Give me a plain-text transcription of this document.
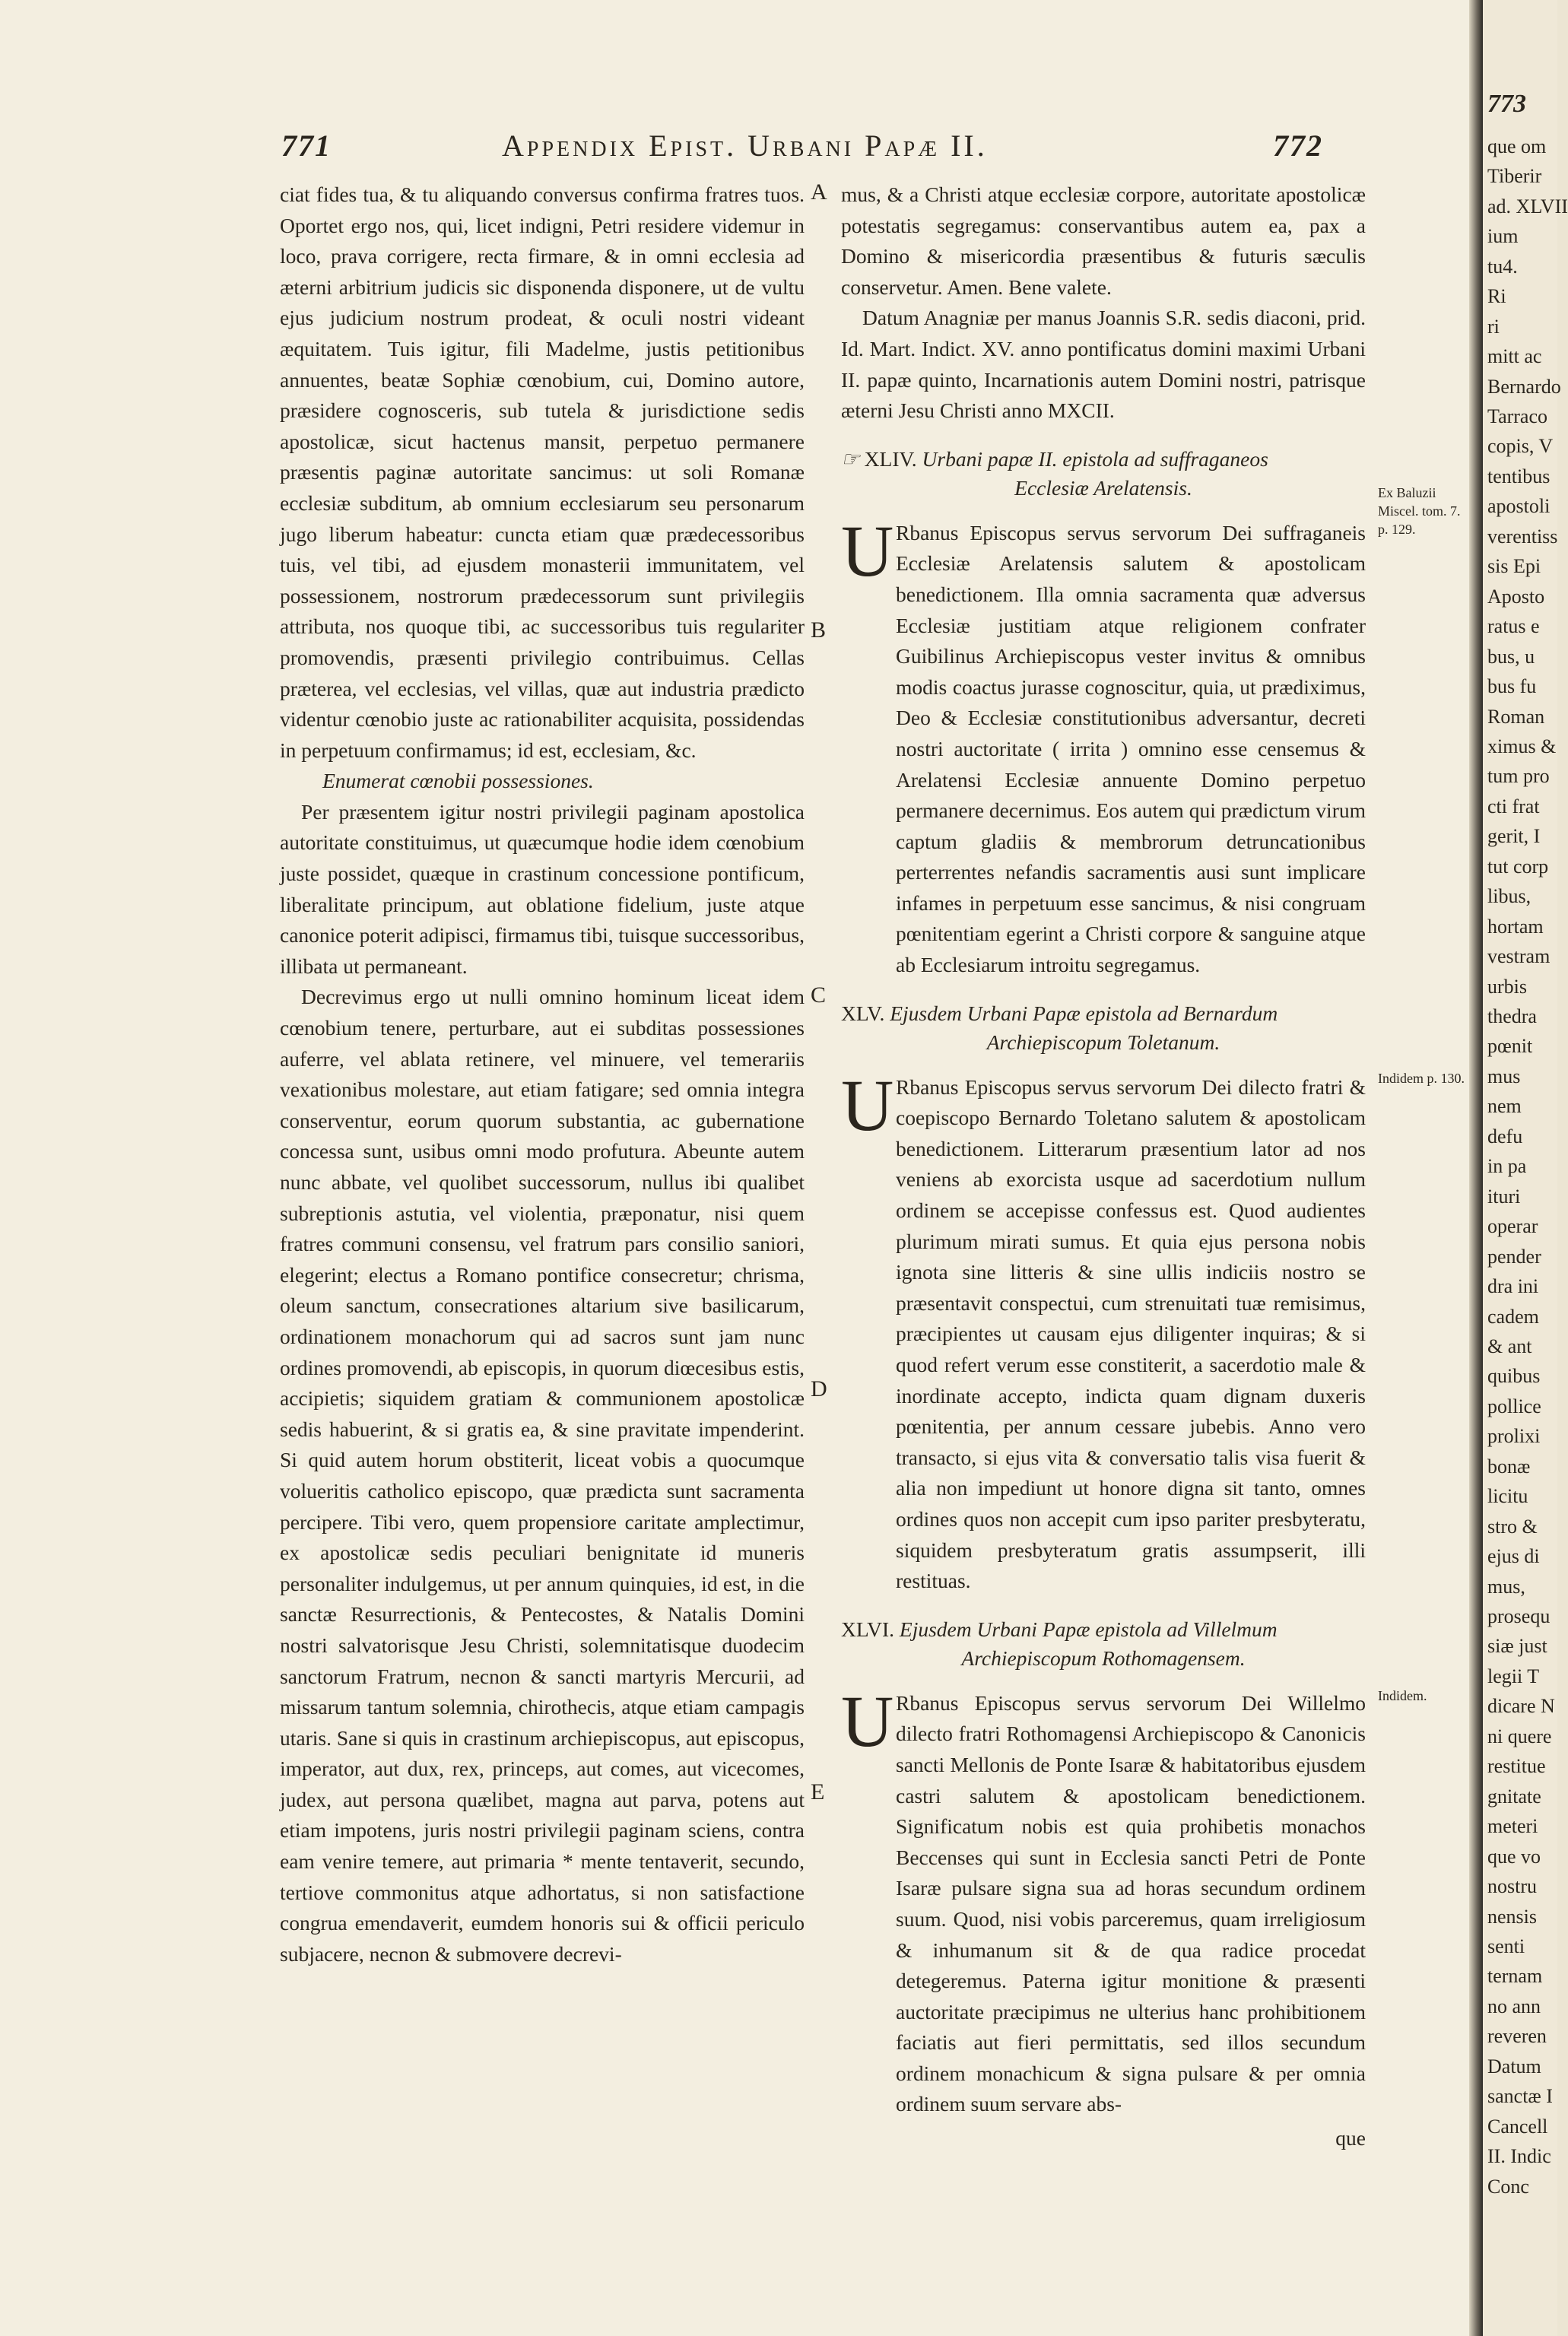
771	Appendix Epist. Urbani Papæ II.	772

ciat fides tua, & tu aliquando conversus confirma fratres tuos. Oportet ergo nos, qui, licet indigni, Petri residere videmur in loco, prava corrigere, recta firmare, & in omni ecclesia ad æterni arbitrium judicis sic disponenda disponere, ut de vultu ejus judicium nostrum prodeat, & oculi nostri videant æquitatem. Tuis igitur, fili Madelme, justis petitionibus annuentes, beatæ Sophiæ cœnobium, cui, Domino autore, præsidere cognosceris, sub tutela & jurisdictione sedis apostolicæ, sicut hactenus mansit, perpetuo permanere præsentis paginæ autoritate sancimus: ut soli Romanæ ecclesiæ subditum, ab omnium ecclesiarum seu personarum jugo liberum habeatur: cuncta etiam quæ prædecessoribus tuis, vel tibi, ad ejusdem monasterii immunitatem, vel possessionem, nostrorum prædecessorum sunt privilegiis attributa, nos quoque tibi, ac successoribus tuis regulariter promovendis, præsenti privilegio contribuimus. Cellas præterea, vel ecclesias, vel villas, quæ aut industria prædicto videntur cœnobio juste ac rationabiliter acquisita, possidendas in perpetuum confirmamus; id est, ecclesiam, &c.

Enumerat cœnobii possessiones.

Per præsentem igitur nostri privilegii paginam apostolica autoritate constituimus, ut quæcumque hodie idem cœnobium juste possidet, quæque in crastinum concessione pontificum, liberalitate principum, aut oblatione fidelium, juste atque canonice poterit adipisci, firmamus tibi, tuisque successoribus, illibata ut permaneant.

Decrevimus ergo ut nulli omnino hominum liceat idem cœnobium tenere, perturbare, aut ei subditas possessiones auferre, vel ablata retinere, vel minuere, vel temerariis vexationibus molestare, aut etiam fatigare; sed omnia integra conserventur, eorum quorum substantia, ac gubernatione concessa sunt, usibus omni modo profutura. Abeunte autem nunc abbate, vel quolibet successorum, nullus ibi qualibet subreptionis astutia, vel violentia, præponatur, nisi quem fratres communi consensu, vel fratrum pars consilio saniori, elegerint; electus a Romano pontifice consecretur; chrisma, oleum sanctum, consecrationes altarium sive basilicarum, ordinationem monachorum qui ad sacros sunt jam nunc ordines promovendi, ab episcopis, in quorum diœcesibus estis, accipietis; siquidem gratiam & communionem apostolicæ sedis habuerint, & si gratis ea, & sine pravitate impenderint. Si quid autem horum obstiterit, liceat vobis a quocumque volueritis catholico episcopo, quæ prædicta sunt sacramenta percipere. Tibi vero, quem propensiore caritate amplectimur, ex apostolicæ sedis peculiari benignitate id muneris personaliter indulgemus, ut per annum quinquies, id est, in die sanctæ Resurrectionis, & Pentecostes, & Natalis Domini nostri salvatorisque Jesu Christi, solemnitatisque duodecim sanctorum Fratrum, necnon & sancti martyris Mercurii, ad missarum tantum solemnia, chirothecis, atque etiam campagis utaris. Sane si quis in crastinum archiepiscopus, aut episcopus, imperator, aut dux, rex, princeps, aut comes, aut vicecomes, judex, aut persona quælibet, magna aut parva, potens aut etiam impotens, juris nostri privilegii paginam sciens, contra eam venire temere, aut primaria * mente tentaverit, secundo, tertiove commonitus atque adhortatus, si non satisfactione congrua emendaverit, eumdem honoris sui & officii periculo subjacere, necnon & submovere decrevi-

mus, & a Christi atque ecclesiæ corpore, autoritate apostolicæ potestatis segregamus: conservantibus autem ea, pax a Domino & misericordia præsentibus & futuris sæculis conservetur. Amen. Bene valete.

Datum Anagniæ per manus Joannis S.R. sedis diaconi, prid. Id. Mart. Indict. XV. anno pontificatus domini maximi Urbani II. papæ quinto, Incarnationis autem Domini nostri, patrisque æterni Jesu Christi anno MXCII.

☞ XLIV. Urbani papæ II. epistola ad suffraganeos
Ecclesiæ Arelatensis.
U Rbanus Episcopus servus servorum Dei suffraganeis Ecclesiæ Arelatensis salutem & apostolicam benedictionem. Illa omnia sacramenta quæ adversus Ecclesiæ justitiam atque religionem confrater Guibilinus Archiepiscopus vester invitus & omnibus modis coactus jurasse cognoscitur, quia, ut prædiximus, Deo & Ecclesiæ constitutionibus adversantur, decreti nostri auctoritate ( irrita ) omnino esse censemus & Arelatensi Ecclesiæ annuente Domino perpetuo permanere decernimus. Eos autem qui prædictum virum captum gladiis & membrorum detruncationibus perterrentes nefandis sacramentis ausi sunt implicare infames in perpetuum esse sancimus, & nisi congruam pœnitentiam egerint a Christi corpore & sanguine atque ab Ecclesiarum introitu segregamus.

XLV. Ejusdem Urbani Papæ epistola ad Bernardum
Archiepiscopum Toletanum.
U Rbanus Episcopus servus servorum Dei dilecto fratri & coepiscopo Bernardo Toletano salutem & apostolicam benedictionem. Litterarum præsentium lator ad nos veniens ab exorcista usque ad sacerdotium nullum ordinem se accepisse confessus est. Quod audientes plurimum mirati sumus. Et quia ejus persona nobis ignota sine litteris & sine ullis indiciis nostro se præsentavit conspectui, cum strenuitati tuæ remisimus, præcipientes ut causam ejus diligenter inquiras; & si quod refert verum esse constiterit, a sacerdotio male & inordinate accepto, indicta quam dignam duxeris pœnitentia, per annum cessare jubebis. Anno vero transacto, si ejus vita & conversatio talis visa fuerit & alia non impediunt ut honore digna sit tanto, omnes ordines quos non accepit cum ipso pariter presbyteratu, siquidem presbyteratum gratis assumpserit, illi restituas.

XLVI. Ejusdem Urbani Papæ epistola ad Villelmum
Archiepiscopum Rothomagensem.
U Rbanus Episcopus servus servorum Dei Willelmo dilecto fratri Rothomagensi Archiepiscopo & Canonicis sancti Mellonis de Ponte Isaræ & habitatoribus ejusdem castri salutem & apostolicam benedictionem. Significatum nobis est quia prohibetis monachos Beccenses qui sunt in Ecclesia sancti Petri de Ponte Isaræ pulsare signa sua ad horas secundum ordinem suum. Quod, nisi vobis parceremus, quam irreligiosum & inhumanum sit & de qua radice procedat detegeremus. Paterna igitur monitione & præsenti auctoritate præcipimus ne ulterius hanc prohibitionem faciatis aut fieri permittatis, sed illos secundum ordinem monachicum & signa pulsare & per omnia ordinem suum servare abs-

que

A
B
C
D
E
Ex Baluzii Miscel. tom. 7. p. 129.
Indidem p. 130.
Indidem.
773
que om
Tiberir
ad. XLVII
ium
tu4.
Ri
ri
mitt ac
Bernardo
Tarraco
copis, V
tentibus
apostoli
verentiss
sis Epi
Aposto
ratus e
bus, u
bus fu
Roman
ximus &
tum pro
cti frat
gerit, I
tut corp
libus,
hortam
vestram
urbis
thedra
pœnit
mus
nem
defu
in pa
ituri
operar
pender
dra ini
cadem
& ant
quibus
pollice
prolixi
bonæ
licitu
stro &
ejus di
mus,
prosequ
siæ just
legii T
dicare N
ni quere
restitue
gnitate
meteri
que vo
nostru
nensis
senti
ternam
no ann
reveren
Datum
sanctæ I
Cancell
II. Indic
Conc
